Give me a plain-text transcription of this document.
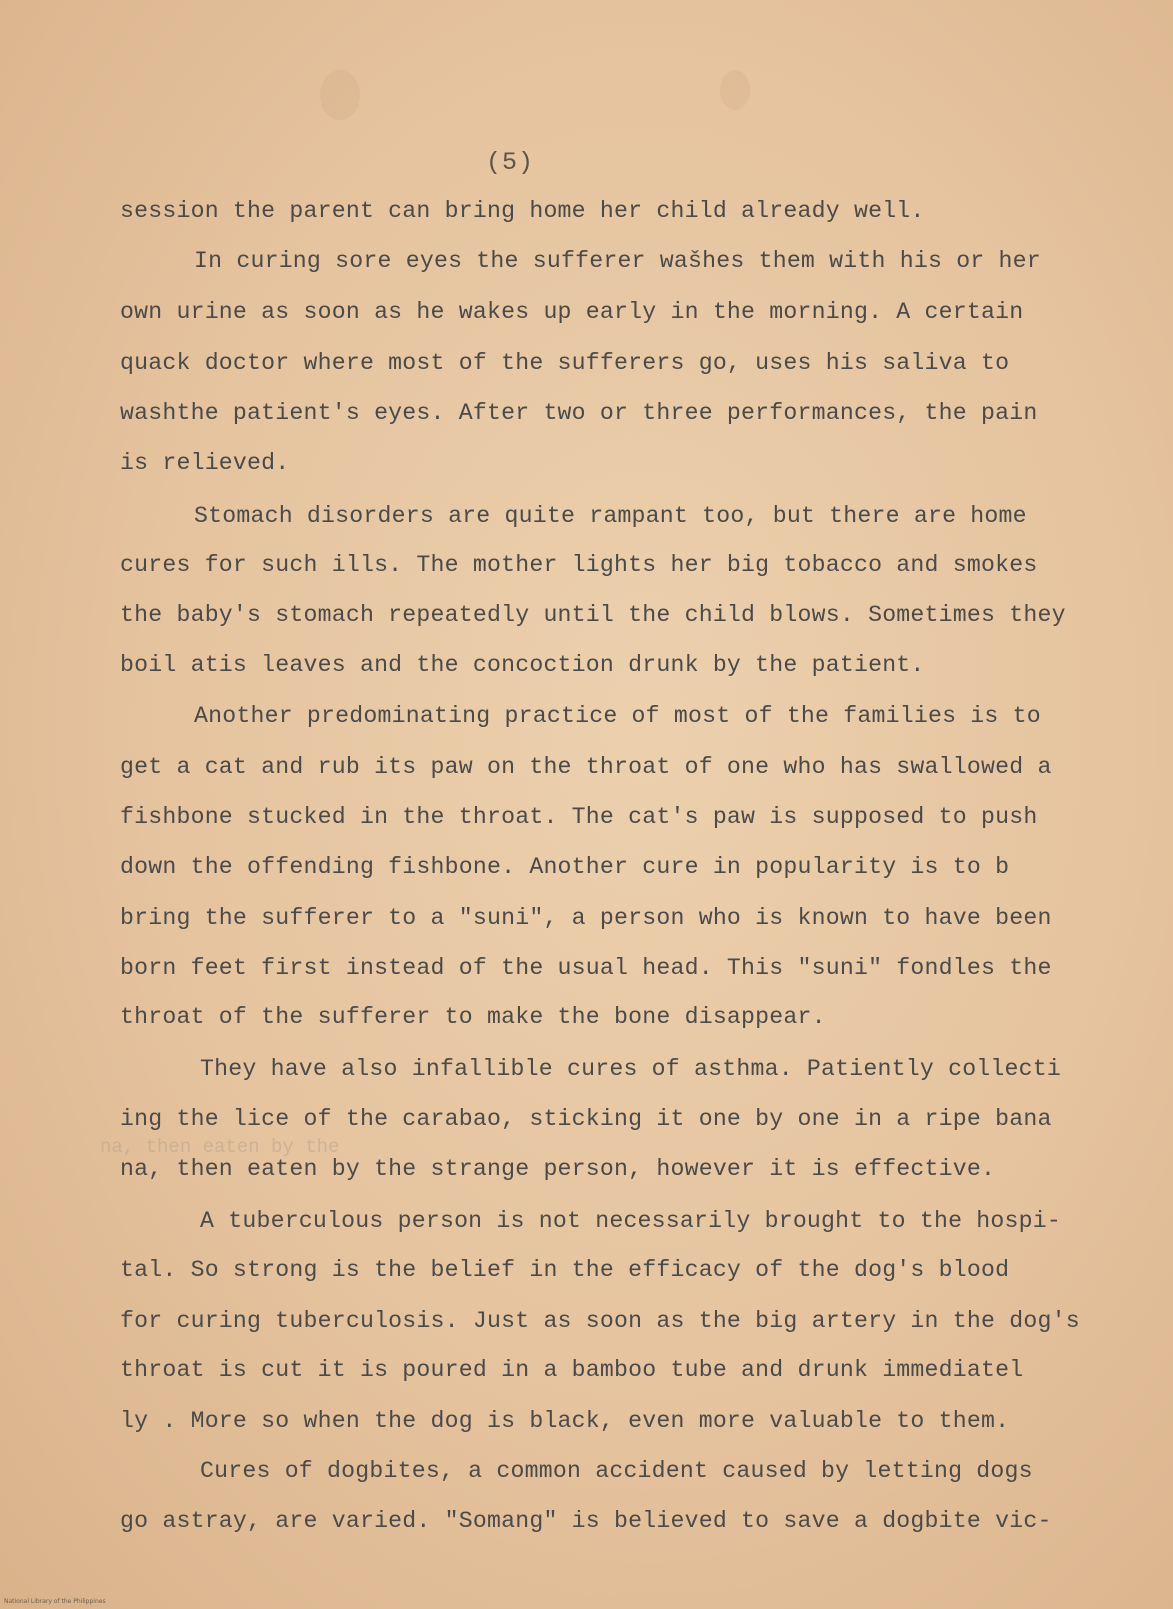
(5)
session the parent can bring home her child already well.
In curing sore eyes the sufferer wašhes them with his or her
own urine as soon as he wakes up early in the morning. A certain
quack doctor where most of the sufferers go, uses his saliva to
washthe patient's eyes. After two or three performances, the pain
is relieved.
Stomach disorders are quite rampant too, but there are home
cures for such ills. The mother lights her big tobacco and smokes
the baby's stomach repeatedly until the child blows. Sometimes they
boil atis leaves and the concoction drunk by the patient.
Another predominating practice of most of the families is to
get a cat and rub its paw on the throat of one who has swallowed a
fishbone stucked in the throat. The cat's paw is supposed to push
down the offending fishbone. Another cure in popularity is to b
bring the sufferer to a "suni", a person who is known to have been
born feet first instead of the usual head. This "suni" fondles the
throat of the sufferer to make the bone disappear.
They have also infallible cures of asthma. Patiently collecti
ing the lice of the carabao, sticking it one by one in a ripe bana
na, then eaten by the
na, then eaten by the strange person, however it is effective.
A tuberculous person is not necessarily brought to the hospi-
tal. So strong is the belief in the efficacy of the dog's blood
for curing tuberculosis. Just as soon as the big artery in the dog's
throat is cut it is poured in a bamboo tube and drunk immediatel
ly . More so when the dog is black, even more valuable to them.
Cures of dogbites, a common accident caused by letting dogs
go astray, are varied. "Somang" is believed to save a dogbite vic-
National Library of the Philippines
